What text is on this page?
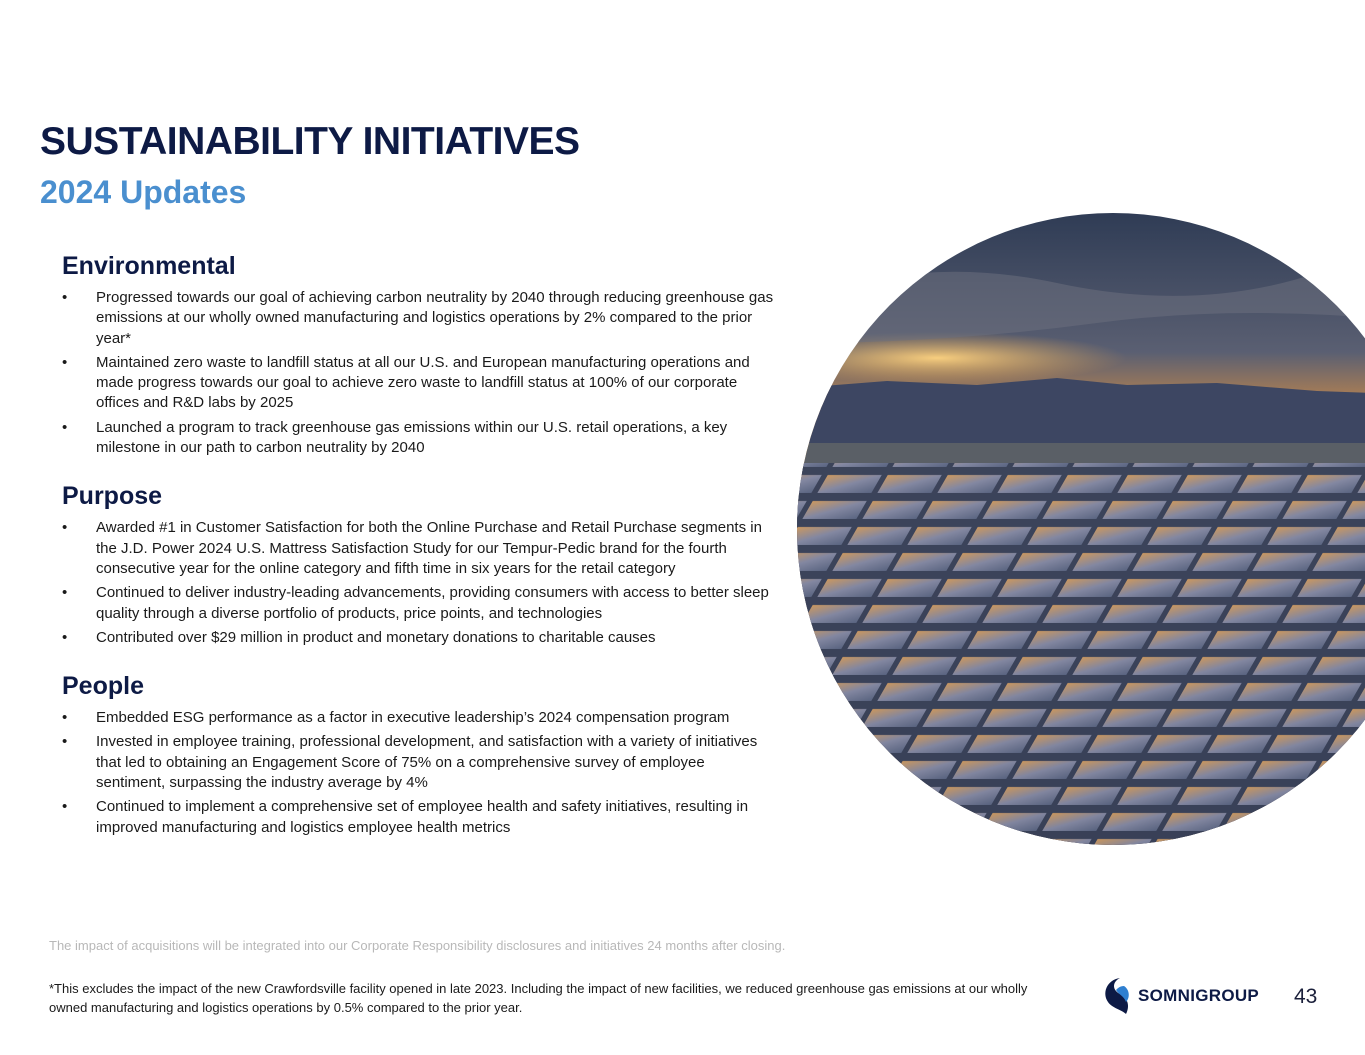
SUSTAINABILITY INITIATIVES
2024 Updates
Environmental
•	Progressed towards our goal of achieving carbon neutrality by 2040 through reducing greenhouse gas emissions at our wholly owned manufacturing and logistics operations by 2% compared to the prior year*
•	Maintained zero waste to landfill status at all our U.S. and European manufacturing operations and made progress towards our goal to achieve zero waste to landfill status at 100% of our corporate offices and R&D labs by 2025
•	Launched a program to track greenhouse gas emissions within our U.S. retail operations, a key milestone in our path to carbon neutrality by 2040
Purpose
•	Awarded #1 in Customer Satisfaction for both the Online Purchase and Retail Purchase segments in the J.D. Power 2024 U.S. Mattress Satisfaction Study for our Tempur-Pedic brand for the fourth consecutive year for the online category and fifth time in six years for the retail category
•	Continued to deliver industry-leading advancements, providing consumers with access to better sleep quality through a diverse portfolio of products, price points, and technologies
•	Contributed over $29 million in product and monetary donations to charitable causes
People
•	Embedded ESG performance as a factor in executive leadership’s 2024 compensation program
•	Invested in employee training, professional development, and satisfaction with a variety of initiatives that led to obtaining an Engagement Score of 75% on a comprehensive survey of employee sentiment, surpassing the industry average by 4%
•	Continued to implement a comprehensive set of employee health and safety initiatives, resulting in improved manufacturing and logistics employee health metrics

The impact of acquisitions will be integrated into our Corporate Responsibility disclosures and initiatives 24 months after closing.

*This excludes the impact of the new Crawfordsville facility opened in late 2023. Including the impact of new facilities, we reduced greenhouse gas emissions at our wholly owned manufacturing and logistics operations by 0.5% compared to the prior year.

SOMNIGROUP 43
